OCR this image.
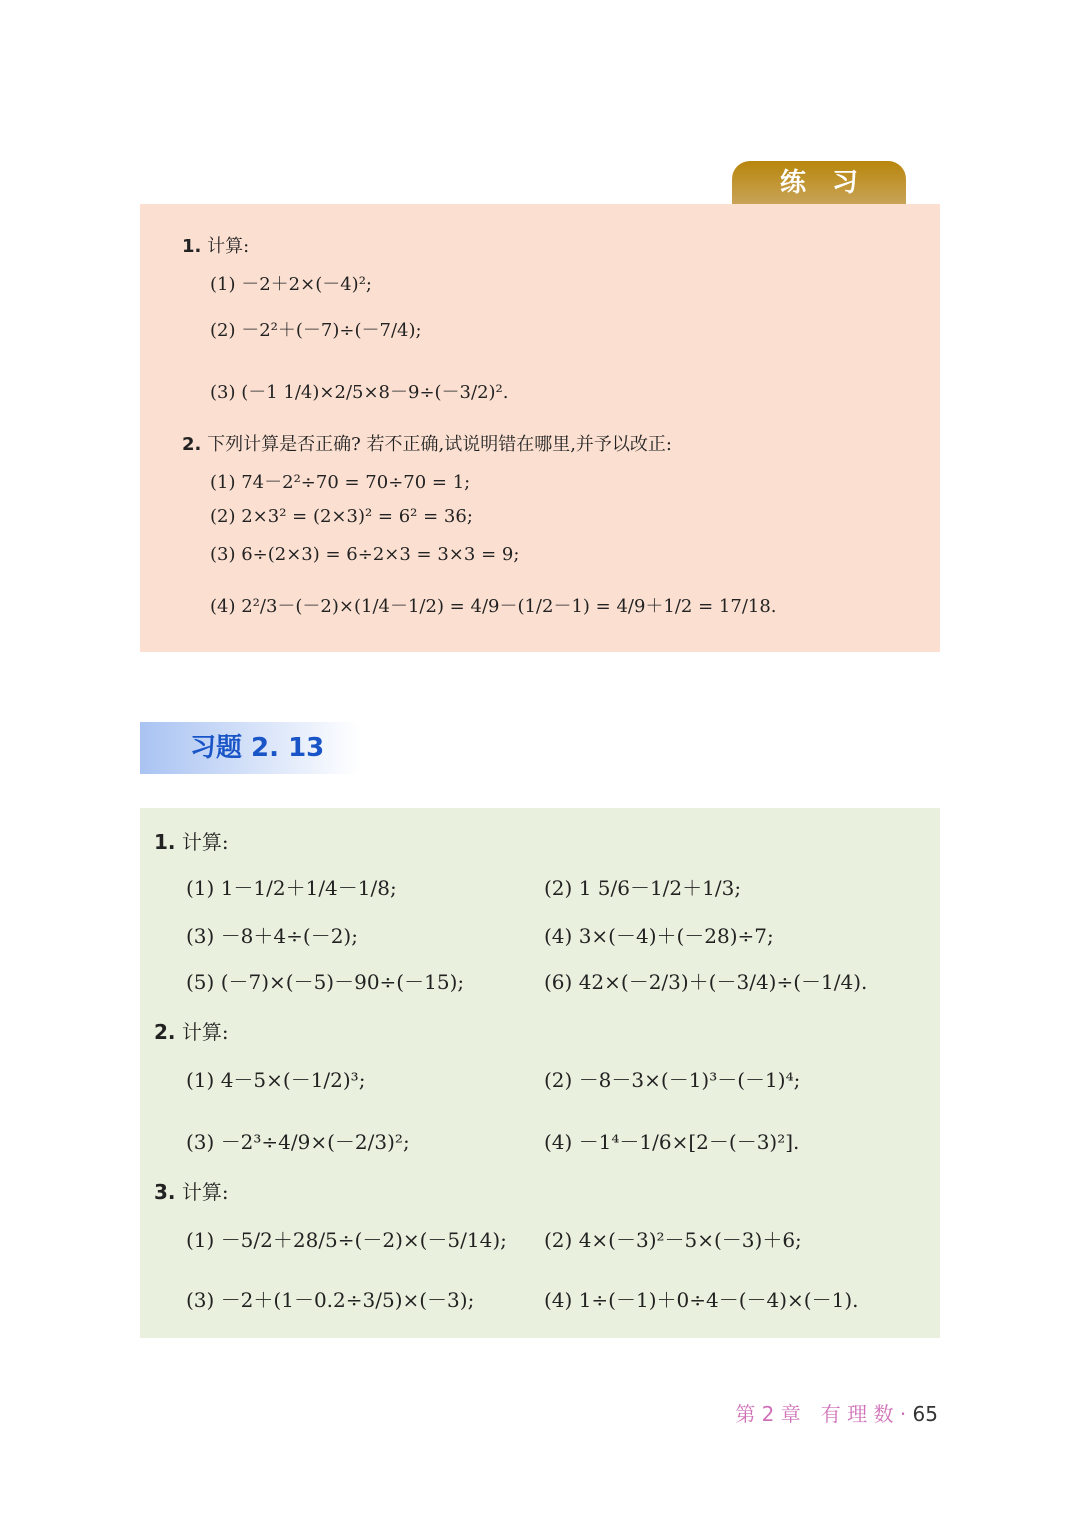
练　习
1. 计算:
(1) －2＋2×(－4)²;
(2) －2²＋(－7)÷(－7/4);
(3) (－1 1/4)×2/5×8－9÷(－3/2)².
2. 下列计算是否正确? 若不正确,试说明错在哪里,并予以改正:
(1) 74－2²÷70 = 70÷70 = 1;
(2) 2×3² = (2×3)² = 6² = 36;
(3) 6÷(2×3) = 6÷2×3 = 3×3 = 9;
(4) 2²/3－(－2)×(1/4－1/2) = 4/9－(1/2－1) = 4/9＋1/2 = 17/18.
习题 2. 13
1. 计算:
(1) 1－1/2＋1/4－1/8;	(2) 1 5/6－1/2＋1/3;
(3) －8＋4÷(－2);	(4) 3×(－4)＋(－28)÷7;
(5) (－7)×(－5)－90÷(－15);	(6) 42×(－2/3)＋(－3/4)÷(－1/4).
2. 计算:
(1) 4－5×(－1/2)³;	(2) －8－3×(－1)³－(－1)⁴;
(3) －2³÷4/9×(－2/3)²;	(4) －1⁴－1/6×[2－(－3)²].
3. 计算:
(1) －5/2＋28/5÷(－2)×(－5/14); (2) 4×(－3)²－5×(－3)＋6;
(3) －2＋(1－0.2÷3/5)×(－3);	(4) 1÷(－1)＋0÷4－(－4)×(－1).
第 2 章　有 理 数 · 65
